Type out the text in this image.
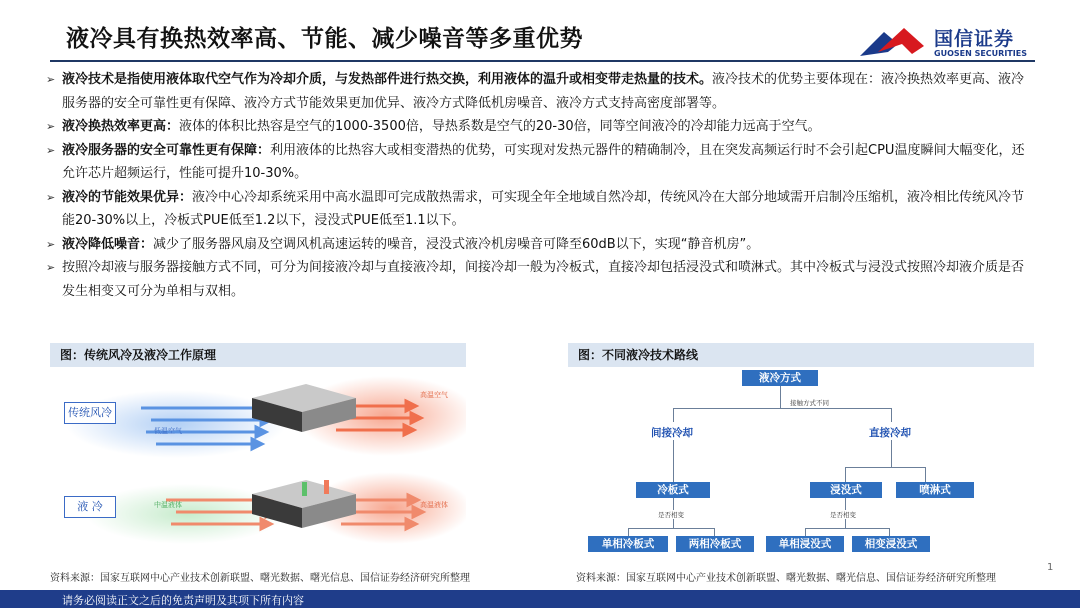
液冷具有换热效率高、节能、减少噪音等多重优势	国信证券
GUOSEN SECURITIES
➢ 液冷技术是指使用液体取代空气作为冷却介质，与发热部件进行热交换，利用液体的温升或相变带走热量的技术。液冷技术的优势主要体现在：液冷换热效率更高、液冷服务器的安全可靠性更有保障、液冷方式节能效果更加优异、液冷方式降低机房噪音、液冷方式支持高密度部署等。
➢ 液冷换热效率更高：液体的体积比热容是空气的1000-3500倍，导热系数是空气的20-30倍，同等空间液冷的冷却能力远高于空气。
➢ 液冷服务器的安全可靠性更有保障：利用液体的比热容大或相变潜热的优势，可实现对发热元器件的精确制冷，且在突发高频运行时不会引起CPU温度瞬间大幅变化，还允许芯片超频运行，性能可提升10-30%。
➢ 液冷的节能效果优异：液冷中心冷却系统采用中高水温即可完成散热需求，可实现全年全地域自然冷却，传统风冷在大部分地域需开启制冷压缩机，液冷相比传统风冷节能20-30%以上，冷板式PUE低至1.2以下，浸没式PUE低至1.1以下。
➢ 液冷降低噪音：减少了服务器风扇及空调风机高速运转的噪音，浸没式液冷机房噪音可降至60dB以下，实现“静音机房”。
➢ 按照冷却液与服务器接触方式不同，可分为间接液冷却与直接液冷却，间接冷却一般为冷板式，直接冷却包括浸没式和喷淋式。其中冷板式与浸没式按照冷却液介质是否发生相变又可分为单相与双相。
图：传统风冷及液冷工作原理
传统风冷
液 冷
低温空气
高温空气
中温液体	高温液体
资料来源：国家互联网中心产业技术创新联盟、曙光数据、曙光信息、国信证券经济研究所整理
图：不同液冷技术路线
液冷方式
接触方式不同
间接冷却	直接冷却
冷板式	浸没式	喷淋式
是否相变	是否相变
单相冷板式	两相冷板式	单相浸没式	相变浸没式
资料来源：国家互联网中心产业技术创新联盟、曙光数据、曙光信息、国信证券经济研究所整理
1
请务必阅读正文之后的免责声明及其项下所有内容
